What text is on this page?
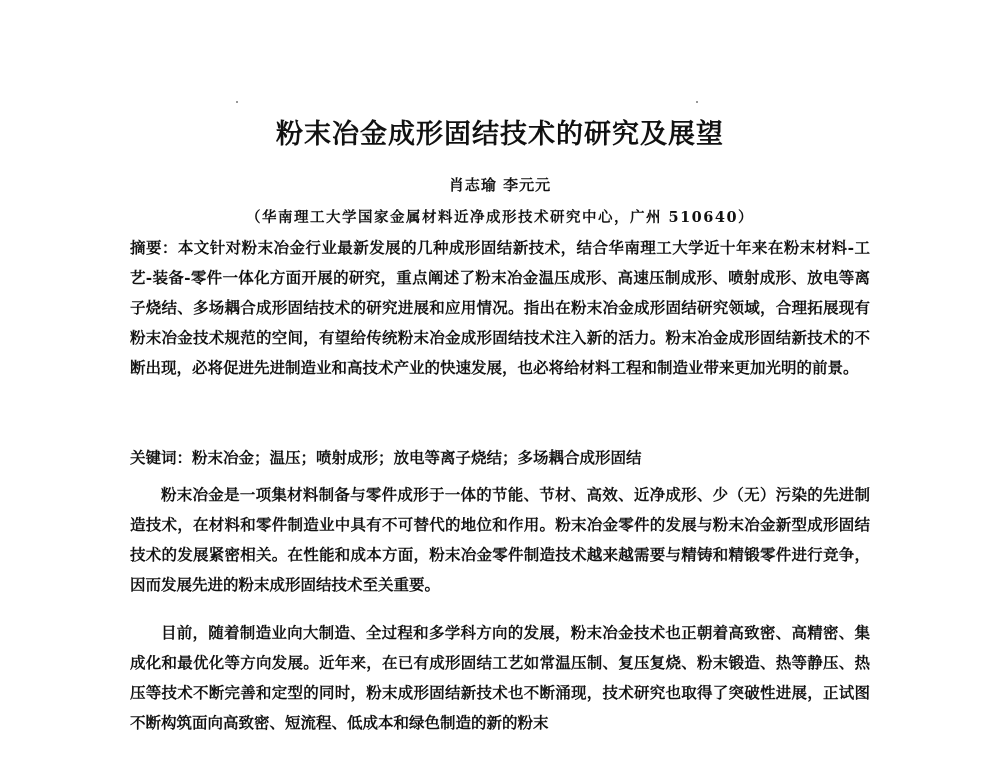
粉末冶金成形固结技术的研究及展望
肖志瑜 李元元
（华南理工大学国家金属材料近净成形技术研究中心，广州 510640）
摘要：本文针对粉末冶金行业最新发展的几种成形固结新技术，结合华南理工大学近十年来在粉末材料-工艺-装备-零件一体化方面开展的研究，重点阐述了粉末冶金温压成形、高速压制成形、喷射成形、放电等离子烧结、多场耦合成形固结技术的研究进展和应用情况。指出在粉末冶金成形固结研究领域，合理拓展现有粉末冶金技术规范的空间，有望给传统粉末冶金成形固结技术注入新的活力。粉末冶金成形固结新技术的不断出现，必将促进先进制造业和高技术产业的快速发展，也必将给材料工程和制造业带来更加光明的前景。
关键词：粉末冶金；温压；喷射成形；放电等离子烧结；多场耦合成形固结
粉末冶金是一项集材料制备与零件成形于一体的节能、节材、高效、近净成形、少（无）污染的先进制造技术，在材料和零件制造业中具有不可替代的地位和作用。粉末冶金零件的发展与粉末冶金新型成形固结技术的发展紧密相关。在性能和成本方面，粉末冶金零件制造技术越来越需要与精铸和精锻零件进行竞争，因而发展先进的粉末成形固结技术至关重要。
目前，随着制造业向大制造、全过程和多学科方向的发展，粉末冶金技术也正朝着高致密、高精密、集成化和最优化等方向发展。近年来，在已有成形固结工艺如常温压制、复压复烧、粉末锻造、热等静压、热压等技术不断完善和定型的同时，粉末成形固结新技术也不断涌现，技术研究也取得了突破性进展，正试图不断构筑面向高致密、短流程、低成本和绿色制造的新的粉末
